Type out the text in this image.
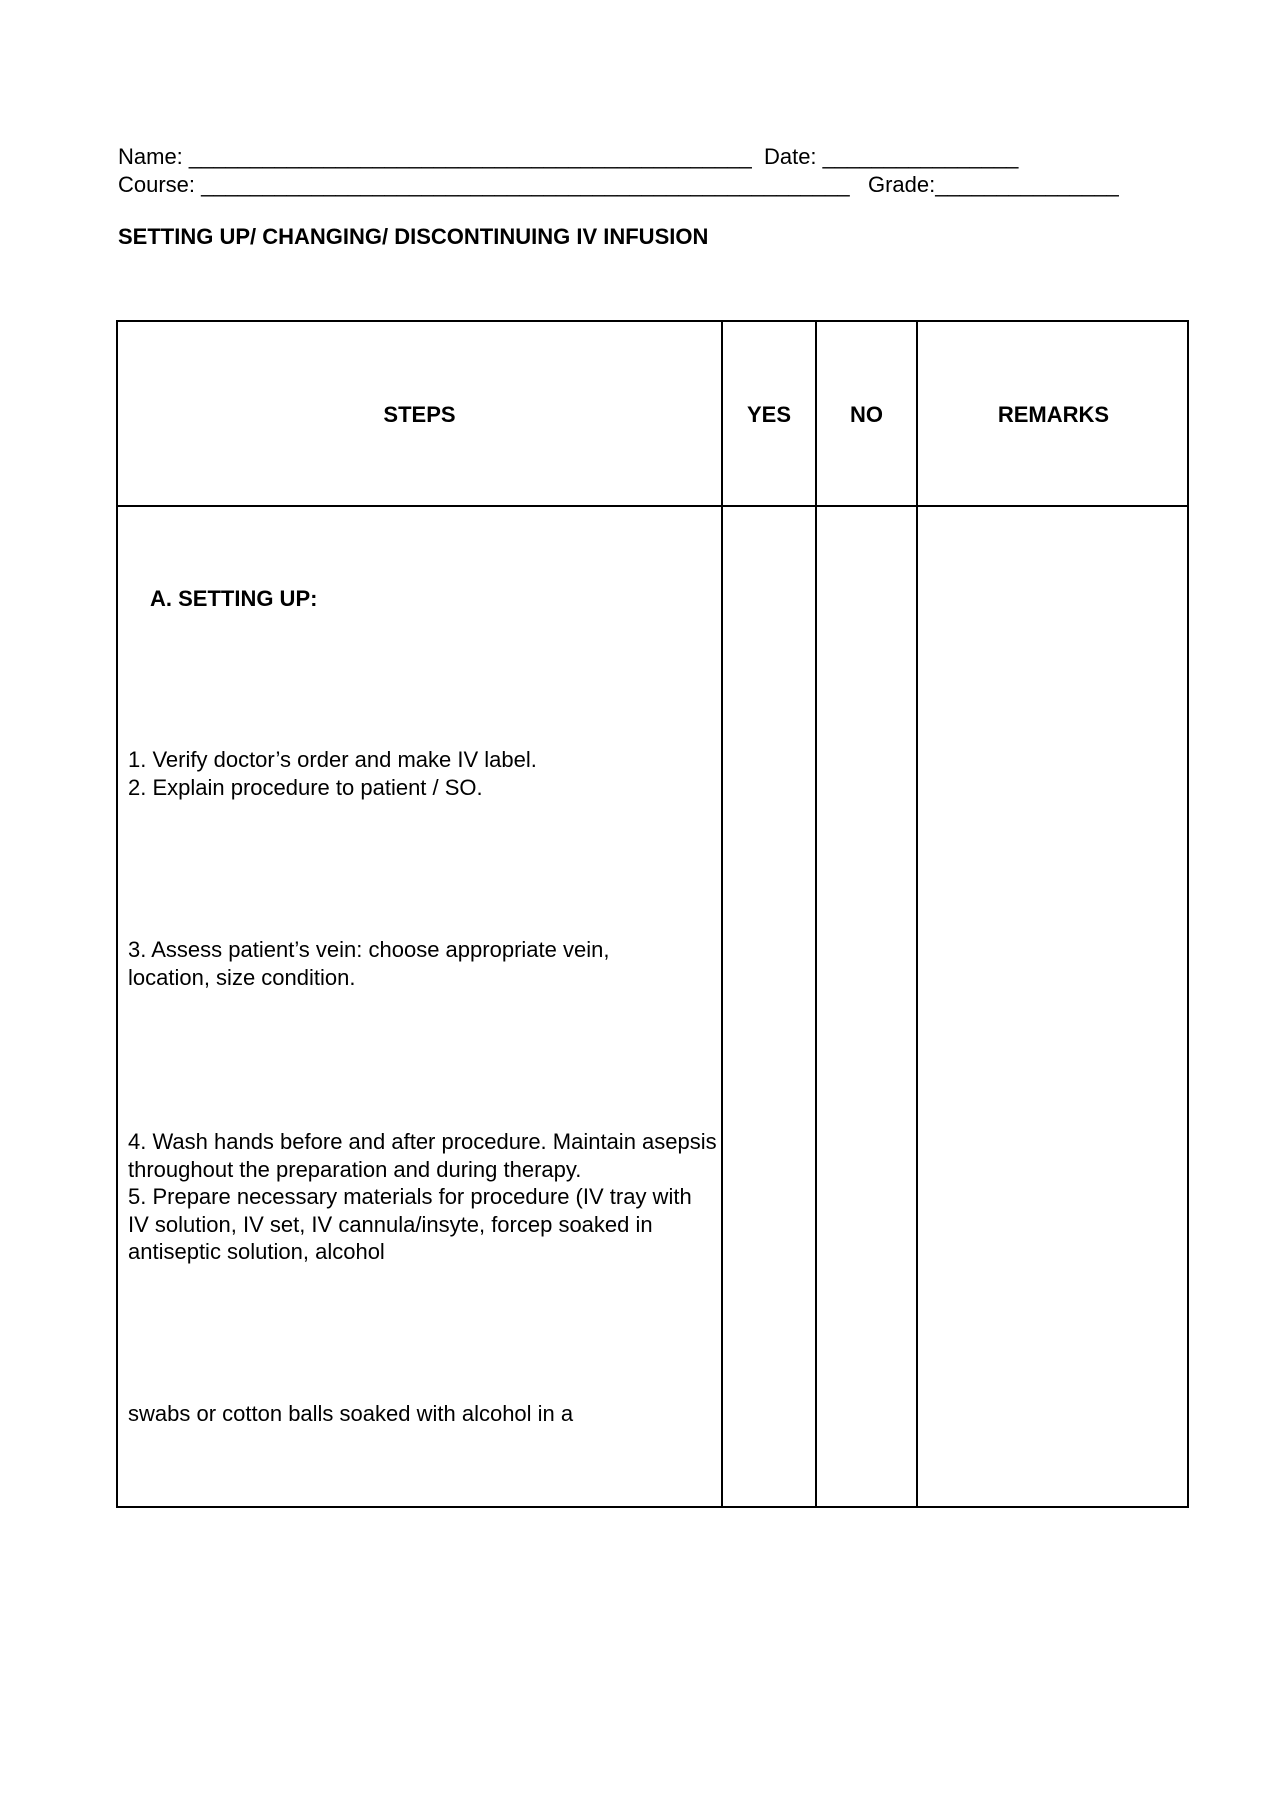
Name: ______________________________________________  Date: ________________
Course: _____________________________________________________   Grade:_______________
SETTING UP/ CHANGING/ DISCONTINUING IV INFUSION
STEPS	YES	NO	REMARKS
A. SETTING UP:
1. Verify doctor’s order and make IV label.
2. Explain procedure to patient / SO.
3. Assess patient’s vein: choose appropriate vein, location, size condition.
4. Wash hands before and after procedure. Maintain asepsis throughout the preparation and during therapy.
5. Prepare necessary materials for procedure (IV tray with IV solution, IV set, IV cannula/insyte, forcep soaked in antiseptic solution, alcohol
swabs or cotton balls soaked with alcohol in a
